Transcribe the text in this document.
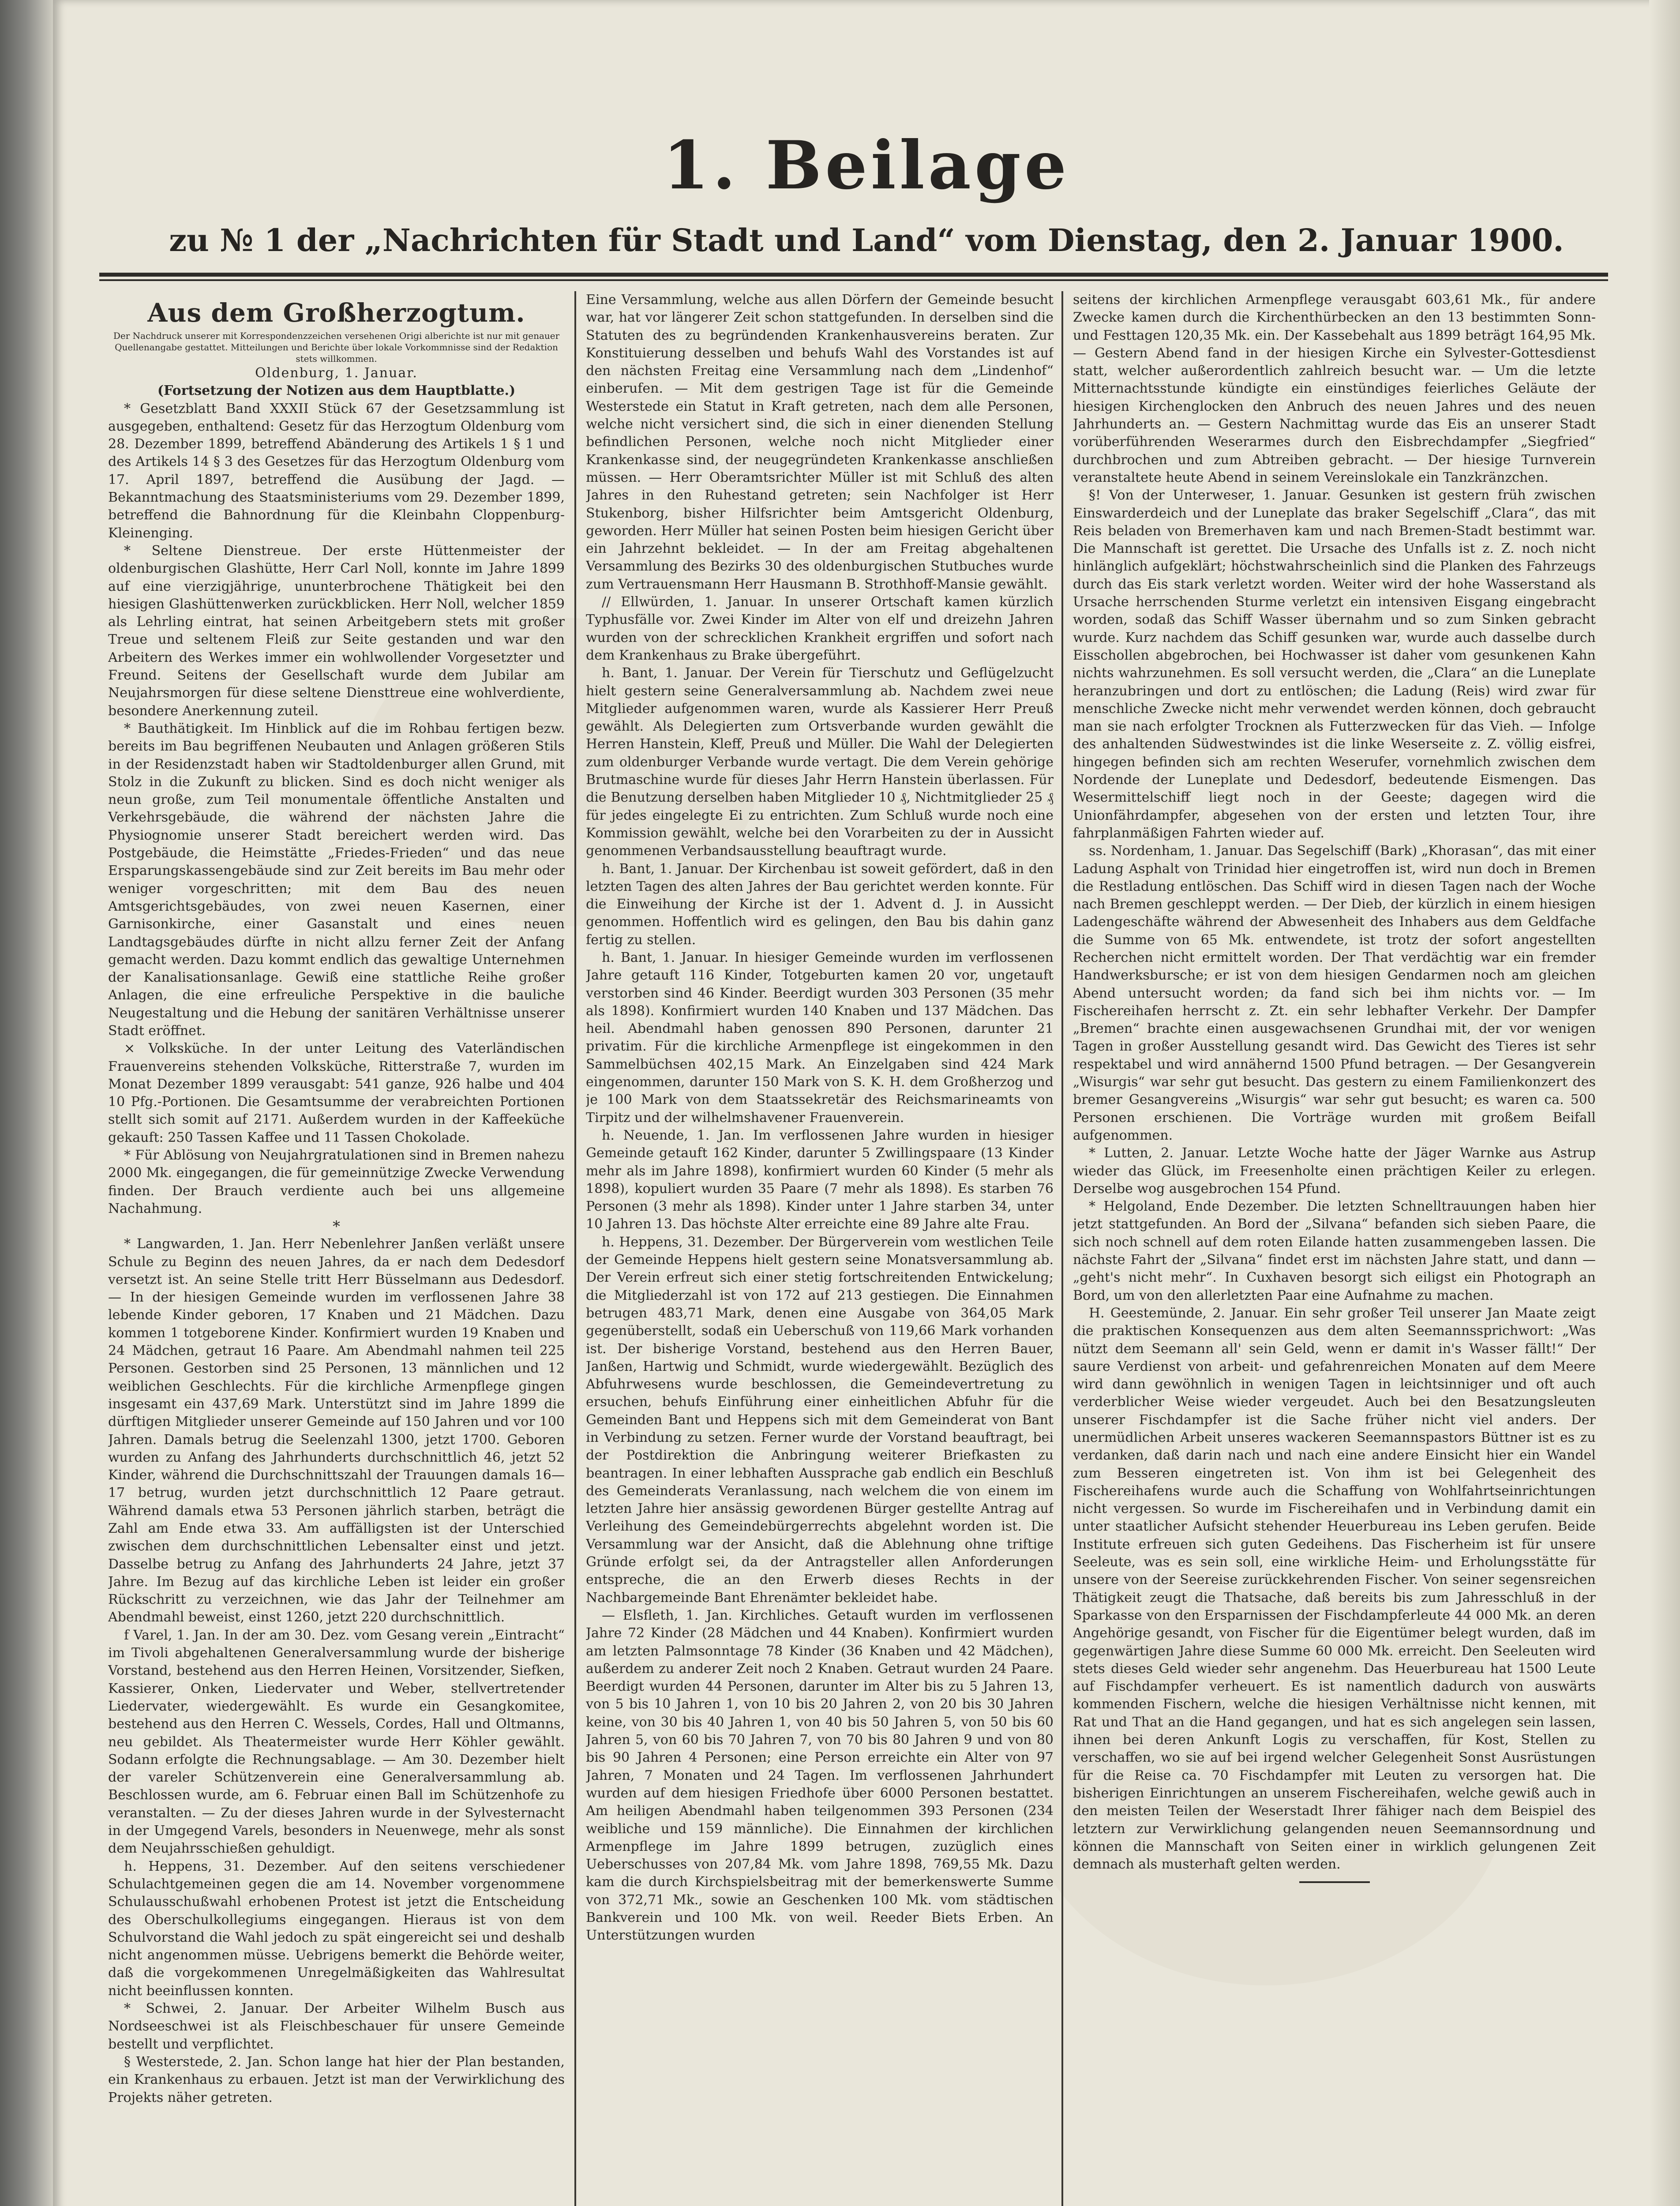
1. Beilage
zu № 1 der „Nachrichten für Stadt und Land“ vom Dienstag, den 2. Januar 1900.
Aus dem Großherzogtum.
Der Nachdruck unserer mit Korrespondenzzeichen versehenen Origi alberichte ist nur mit genauer Quellenangabe gestattet. Mitteilungen und Berichte über lokale Vorkommnisse sind der Redaktion stets willkommen.
Oldenburg, 1. Januar.
(Fortsetzung der Notizen aus dem Hauptblatte.)

* Gesetzblatt Band XXXII Stück 67 der Gesetzsammlung ist ausgegeben, enthaltend: Gesetz für das Herzogtum Oldenburg vom 28. Dezember 1899, betreffend Abänderung des Artikels 1 § 1 und des Artikels 14 § 3 des Gesetzes für das Herzogtum Oldenburg vom 17. April 1897, betreffend die Ausübung der Jagd. — Bekanntmachung des Staatsministeriums vom 29. Dezember 1899, betreffend die Bahnordnung für die Kleinbahn Cloppenburg-Kleinenging.

* Seltene Dienstreue. Der erste Hüttenmeister der oldenburgischen Glashütte, Herr Carl Noll, konnte im Jahre 1899 auf eine vierzigjährige, ununterbrochene Thätigkeit bei den hiesigen Glashüttenwerken zurückblicken. Herr Noll, welcher 1859 als Lehrling eintrat, hat seinen Arbeitgebern stets mit großer Treue und seltenem Fleiß zur Seite gestanden und war den Arbeitern des Werkes immer ein wohlwollender Vorgesetzter und Freund. Seitens der Gesellschaft wurde dem Jubilar am Neujahrsmorgen für diese seltene Diensttreue eine wohlverdiente, besondere Anerkennung zuteil.

* Bauthätigkeit. Im Hinblick auf die im Rohbau fertigen bezw. bereits im Bau begriffenen Neubauten und Anlagen größeren Stils in der Residenzstadt haben wir Stadtoldenburger allen Grund, mit Stolz in die Zukunft zu blicken. Sind es doch nicht weniger als neun große, zum Teil monumentale öffentliche Anstalten und Verkehrsgebäude, die während der nächsten Jahre die Physiognomie unserer Stadt bereichert werden wird. Das Postgebäude, die Heimstätte „Friedes-Frieden“ und das neue Ersparungskassengebäude sind zur Zeit bereits im Bau mehr oder weniger vorgeschritten; mit dem Bau des neuen Amtsgerichtsgebäudes, von zwei neuen Kasernen, einer Garnisonkirche, einer Gasanstalt und eines neuen Landtagsgebäudes dürfte in nicht allzu ferner Zeit der Anfang gemacht werden. Dazu kommt endlich das gewaltige Unternehmen der Kanalisationsanlage. Gewiß eine stattliche Reihe großer Anlagen, die eine erfreuliche Perspektive in die bauliche Neugestaltung und die Hebung der sanitären Verhältnisse unserer Stadt eröffnet.

× Volksküche. In der unter Leitung des Vaterländischen Frauenvereins stehenden Volksküche, Ritterstraße 7, wurden im Monat Dezember 1899 verausgabt: 541 ganze, 926 halbe und 404 10 Pfg.-Portionen. Die Gesamtsumme der verabreichten Portionen stellt sich somit auf 2171. Außerdem wurden in der Kaffeeküche gekauft: 250 Tassen Kaffee und 11 Tassen Chokolade.

* Für Ablösung von Neujahrgratulationen sind in Bremen nahezu 2000 Mk. eingegangen, die für gemeinnützige Zwecke Verwendung finden. Der Brauch verdiente auch bei uns allgemeine Nachahmung.

*

* Langwarden, 1. Jan. Herr Nebenlehrer Janßen verläßt unsere Schule zu Beginn des neuen Jahres, da er nach dem Dedesdorf versetzt ist. An seine Stelle tritt Herr Büsselmann aus Dedesdorf. — In der hiesigen Gemeinde wurden im verflossenen Jahre 38 lebende Kinder geboren, 17 Knaben und 21 Mädchen. Dazu kommen 1 totgeborene Kinder. Konfirmiert wurden 19 Knaben und 24 Mädchen, getraut 16 Paare. Am Abendmahl nahmen teil 225 Personen. Gestorben sind 25 Personen, 13 männlichen und 12 weiblichen Geschlechts. Für die kirchliche Armenpflege gingen insgesamt ein 437,69 Mark. Unterstützt sind im Jahre 1899 die dürftigen Mitglieder unserer Gemeinde auf 150 Jahren und vor 100 Jahren. Damals betrug die Seelenzahl 1300, jetzt 1700. Geboren wurden zu Anfang des Jahrhunderts durchschnittlich 46, jetzt 52 Kinder, während die Durchschnittszahl der Trauungen damals 16—17 betrug, wurden jetzt durchschnittlich 12 Paare getraut. Während damals etwa 53 Personen jährlich starben, beträgt die Zahl am Ende etwa 33. Am auffälligsten ist der Unterschied zwischen dem durchschnittlichen Lebensalter einst und jetzt. Dasselbe betrug zu Anfang des Jahrhunderts 24 Jahre, jetzt 37 Jahre. Im Bezug auf das kirchliche Leben ist leider ein großer Rückschritt zu verzeichnen, wie das Jahr der Teilnehmer am Abendmahl beweist, einst 1260, jetzt 220 durchschnittlich.

f Varel, 1. Jan. In der am 30. Dez. vom Gesang verein „Eintracht“ im Tivoli abgehaltenen Generalversammlung wurde der bisherige Vorstand, bestehend aus den Herren Heinen, Vorsitzender, Siefken, Kassierer, Onken, Liedervater und Weber, stellvertretender Liedervater, wiedergewählt. Es wurde ein Gesangkomitee, bestehend aus den Herren C. Wessels, Cordes, Hall und Oltmanns, neu gebildet. Als Theatermeister wurde Herr Köhler gewählt. Sodann erfolgte die Rechnungsablage. — Am 30. Dezember hielt der vareler Schützenverein eine Generalversammlung ab. Beschlossen wurde, am 6. Februar einen Ball im Schützenhofe zu veranstalten. — Zu der dieses Jahren wurde in der Sylvesternacht in der Umgegend Varels, besonders in Neuenwege, mehr als sonst dem Neujahrsschießen gehuldigt.

h. Heppens, 31. Dezember. Auf den seitens verschiedener Schulachtgemeinen gegen die am 14. November vorgenommene Schulausschußwahl erhobenen Protest ist jetzt die Entscheidung des Oberschulkollegiums eingegangen. Hieraus ist von dem Schulvorstand die Wahl jedoch zu spät eingereicht sei und deshalb nicht angenommen müsse. Uebrigens bemerkt die Behörde weiter, daß die vorgekommenen Unregelmäßigkeiten das Wahlresultat nicht beeinflussen konnten.

* Schwei, 2. Januar. Der Arbeiter Wilhelm Busch aus Nordseeschwei ist als Fleischbeschauer für unsere Gemeinde bestellt und verpflichtet.

§ Westerstede, 2. Jan. Schon lange hat hier der Plan bestanden, ein Krankenhaus zu erbauen. Jetzt ist man der Verwirklichung des Projekts näher getreten.

Eine Versammlung, welche aus allen Dörfern der Gemeinde besucht war, hat vor längerer Zeit schon stattgefunden. In derselben sind die Statuten des zu begründenden Krankenhausvereins beraten. Zur Konstituierung desselben und behufs Wahl des Vorstandes ist auf den nächsten Freitag eine Versammlung nach dem „Lindenhof“ einberufen. — Mit dem gestrigen Tage ist für die Gemeinde Westerstede ein Statut in Kraft getreten, nach dem alle Personen, welche nicht versichert sind, die sich in einer dienenden Stellung befindlichen Personen, welche noch nicht Mitglieder einer Krankenkasse sind, der neugegründeten Krankenkasse anschließen müssen. — Herr Oberamtsrichter Müller ist mit Schluß des alten Jahres in den Ruhestand getreten; sein Nachfolger ist Herr Stukenborg, bisher Hilfsrichter beim Amtsgericht Oldenburg, geworden. Herr Müller hat seinen Posten beim hiesigen Gericht über ein Jahrzehnt bekleidet. — In der am Freitag abgehaltenen Versammlung des Bezirks 30 des oldenburgischen Stutbuches wurde zum Vertrauensmann Herr Hausmann B. Strothhoff-Mansie gewählt.

// Ellwürden, 1. Januar. In unserer Ortschaft kamen kürzlich Typhusfälle vor. Zwei Kinder im Alter von elf und dreizehn Jahren wurden von der schrecklichen Krankheit ergriffen und sofort nach dem Krankenhaus zu Brake übergeführt.

h. Bant, 1. Januar. Der Verein für Tierschutz und Geflügelzucht hielt gestern seine Generalversammlung ab. Nachdem zwei neue Mitglieder aufgenommen waren, wurde als Kassierer Herr Preuß gewählt. Als Delegierten zum Ortsverbande wurden gewählt die Herren Hanstein, Kleff, Preuß und Müller. Die Wahl der Delegierten zum oldenburger Verbande wurde vertagt. Die dem Verein gehörige Brutmaschine wurde für dieses Jahr Herrn Hanstein überlassen. Für die Benutzung derselben haben Mitglieder 10 ₰, Nichtmitglieder 25 ₰ für jedes eingelegte Ei zu entrichten. Zum Schluß wurde noch eine Kommission gewählt, welche bei den Vorarbeiten zu der in Aussicht genommenen Verbandsausstellung beauftragt wurde.

h. Bant, 1. Januar. Der Kirchenbau ist soweit gefördert, daß in den letzten Tagen des alten Jahres der Bau gerichtet werden konnte. Für die Einweihung der Kirche ist der 1. Advent d. J. in Aussicht genommen. Hoffentlich wird es gelingen, den Bau bis dahin ganz fertig zu stellen.

h. Bant, 1. Januar. In hiesiger Gemeinde wurden im verflossenen Jahre getauft 116 Kinder, Totgeburten kamen 20 vor, ungetauft verstorben sind 46 Kinder. Beerdigt wurden 303 Personen (35 mehr als 1898). Konfirmiert wurden 140 Knaben und 137 Mädchen. Das heil. Abendmahl haben genossen 890 Personen, darunter 21 privatim. Für die kirchliche Armenpflege ist eingekommen in den Sammelbüchsen 402,15 Mark. An Einzelgaben sind 424 Mark eingenommen, darunter 150 Mark von S. K. H. dem Großherzog und je 100 Mark von dem Staatssekretär des Reichsmarineamts von Tirpitz und der wilhelmshavener Frauenverein.

h. Neuende, 1. Jan. Im verflossenen Jahre wurden in hiesiger Gemeinde getauft 162 Kinder, darunter 5 Zwillingspaare (13 Kinder mehr als im Jahre 1898), konfirmiert wurden 60 Kinder (5 mehr als 1898), kopuliert wurden 35 Paare (7 mehr als 1898). Es starben 76 Personen (3 mehr als 1898). Kinder unter 1 Jahre starben 34, unter 10 Jahren 13. Das höchste Alter erreichte eine 89 Jahre alte Frau.

h. Heppens, 31. Dezember. Der Bürgerverein vom westlichen Teile der Gemeinde Heppens hielt gestern seine Monatsversammlung ab. Der Verein erfreut sich einer stetig fortschreitenden Entwickelung; die Mitgliederzahl ist von 172 auf 213 gestiegen. Die Einnahmen betrugen 483,71 Mark, denen eine Ausgabe von 364,05 Mark gegenüberstellt, sodaß ein Ueberschuß von 119,66 Mark vorhanden ist. Der bisherige Vorstand, bestehend aus den Herren Bauer, Janßen, Hartwig und Schmidt, wurde wiedergewählt. Bezüglich des Abfuhrwesens wurde beschlossen, die Gemeindevertretung zu ersuchen, behufs Einführung einer einheitlichen Abfuhr für die Gemeinden Bant und Heppens sich mit dem Gemeinderat von Bant in Verbindung zu setzen. Ferner wurde der Vorstand beauftragt, bei der Postdirektion die Anbringung weiterer Briefkasten zu beantragen. In einer lebhaften Aussprache gab endlich ein Beschluß des Gemeinderats Veranlassung, nach welchem die von einem im letzten Jahre hier ansässig gewordenen Bürger gestellte Antrag auf Verleihung des Gemeindebürgerrechts abgelehnt worden ist. Die Versammlung war der Ansicht, daß die Ablehnung ohne triftige Gründe erfolgt sei, da der Antragsteller allen Anforderungen entspreche, die an den Erwerb dieses Rechts in der Nachbargemeinde Bant Ehrenämter bekleidet habe.

— Elsfleth, 1. Jan. Kirchliches. Getauft wurden im verflossenen Jahre 72 Kinder (28 Mädchen und 44 Knaben). Konfirmiert wurden am letzten Palmsonntage 78 Kinder (36 Knaben und 42 Mädchen), außerdem zu anderer Zeit noch 2 Knaben. Getraut wurden 24 Paare. Beerdigt wurden 44 Personen, darunter im Alter bis zu 5 Jahren 13, von 5 bis 10 Jahren 1, von 10 bis 20 Jahren 2, von 20 bis 30 Jahren keine, von 30 bis 40 Jahren 1, von 40 bis 50 Jahren 5, von 50 bis 60 Jahren 5, von 60 bis 70 Jahren 7, von 70 bis 80 Jahren 9 und von 80 bis 90 Jahren 4 Personen; eine Person erreichte ein Alter von 97 Jahren, 7 Monaten und 24 Tagen. Im verflossenen Jahrhundert wurden auf dem hiesigen Friedhofe über 6000 Personen bestattet. Am heiligen Abendmahl haben teilgenommen 393 Personen (234 weibliche und 159 männliche). Die Einnahmen der kirchlichen Armenpflege im Jahre 1899 betrugen, zuzüglich eines Ueberschusses von 207,84 Mk. vom Jahre 1898, 769,55 Mk. Dazu kam die durch Kirchspielsbeitrag mit der bemerkenswerte Summe von 372,71 Mk., sowie an Geschenken 100 Mk. vom städtischen Bankverein und 100 Mk. von weil. Reeder Biets Erben. An Unterstützungen wurden

seitens der kirchlichen Armenpflege verausgabt 603,61 Mk., für andere Zwecke kamen durch die Kirchenthürbecken an den 13 bestimmten Sonn- und Festtagen 120,35 Mk. ein. Der Kassebehalt aus 1899 beträgt 164,95 Mk. — Gestern Abend fand in der hiesigen Kirche ein Sylvester-Gottesdienst statt, welcher außerordentlich zahlreich besucht war. — Um die letzte Mitternachtsstunde kündigte ein einstündiges feierliches Geläute der hiesigen Kirchenglocken den Anbruch des neuen Jahres und des neuen Jahrhunderts an. — Gestern Nachmittag wurde das Eis an unserer Stadt vorüberführenden Weserarmes durch den Eisbrechdampfer „Siegfried“ durchbrochen und zum Abtreiben gebracht. — Der hiesige Turnverein veranstaltete heute Abend in seinem Vereinslokale ein Tanzkränzchen.

§! Von der Unterweser, 1. Januar. Gesunken ist gestern früh zwischen Einswarderdeich und der Luneplate das braker Segelschiff „Clara“, das mit Reis beladen von Bremerhaven kam und nach Bremen-Stadt bestimmt war. Die Mannschaft ist gerettet. Die Ursache des Unfalls ist z. Z. noch nicht hinlänglich aufgeklärt; höchstwahrscheinlich sind die Planken des Fahrzeugs durch das Eis stark verletzt worden. Weiter wird der hohe Wasserstand als Ursache herrschenden Sturme verletzt ein intensiven Eisgang eingebracht worden, sodaß das Schiff Wasser übernahm und so zum Sinken gebracht wurde. Kurz nachdem das Schiff gesunken war, wurde auch dasselbe durch Eisschollen abgebrochen, bei Hochwasser ist daher vom gesunkenen Kahn nichts wahrzunehmen. Es soll versucht werden, die „Clara“ an die Luneplate heranzubringen und dort zu entlöschen; die Ladung (Reis) wird zwar für menschliche Zwecke nicht mehr verwendet werden können, doch gebraucht man sie nach erfolgter Trocknen als Futterzwecken für das Vieh. — Infolge des anhaltenden Südwestwindes ist die linke Weserseite z. Z. völlig eisfrei, hingegen befinden sich am rechten Weserufer, vornehmlich zwischen dem Nordende der Luneplate und Dedesdorf, bedeutende Eismengen. Das Wesermittelschiff liegt noch in der Geeste; dagegen wird die Unionfährdampfer, abgesehen von der ersten und letzten Tour, ihre fahrplanmäßigen Fahrten wieder auf.

ss. Nordenham, 1. Januar. Das Segelschiff (Bark) „Khorasan“, das mit einer Ladung Asphalt von Trinidad hier eingetroffen ist, wird nun doch in Bremen die Restladung entlöschen. Das Schiff wird in diesen Tagen nach der Woche nach Bremen geschleppt werden. — Der Dieb, der kürzlich in einem hiesigen Ladengeschäfte während der Abwesenheit des Inhabers aus dem Geldfache die Summe von 65 Mk. entwendete, ist trotz der sofort angestellten Recherchen nicht ermittelt worden. Der That verdächtig war ein fremder Handwerksbursche; er ist von dem hiesigen Gendarmen noch am gleichen Abend untersucht worden; da fand sich bei ihm nichts vor. — Im Fischereihafen herrscht z. Zt. ein sehr lebhafter Verkehr. Der Dampfer „Bremen“ brachte einen ausgewachsenen Grundhai mit, der vor wenigen Tagen in großer Ausstellung gesandt wird. Das Gewicht des Tieres ist sehr respektabel und wird annähernd 1500 Pfund betragen. — Der Gesangverein „Wisurgis“ war sehr gut besucht. Das gestern zu einem Familienkonzert des bremer Gesangvereins „Wisurgis“ war sehr gut besucht; es waren ca. 500 Personen erschienen. Die Vorträge wurden mit großem Beifall aufgenommen.

* Lutten, 2. Januar. Letzte Woche hatte der Jäger Warnke aus Astrup wieder das Glück, im Freesenholte einen prächtigen Keiler zu erlegen. Derselbe wog ausgebrochen 154 Pfund.

* Helgoland, Ende Dezember. Die letzten Schnelltrauungen haben hier jetzt stattgefunden. An Bord der „Silvana“ befanden sich sieben Paare, die sich noch schnell auf dem roten Eilande hatten zusammengeben lassen. Die nächste Fahrt der „Silvana“ findet erst im nächsten Jahre statt, und dann — „geht's nicht mehr“. In Cuxhaven besorgt sich eiligst ein Photograph an Bord, um von den allerletzten Paar eine Aufnahme zu machen.

H. Geestemünde, 2. Januar. Ein sehr großer Teil unserer Jan Maate zeigt die praktischen Konsequenzen aus dem alten Seemannssprichwort: „Was nützt dem Seemann all' sein Geld, wenn er damit in's Wasser fällt!“ Der saure Verdienst von arbeit- und gefahrenreichen Monaten auf dem Meere wird dann gewöhnlich in wenigen Tagen in leichtsinniger und oft auch verderblicher Weise wieder vergeudet. Auch bei den Besatzungsleuten unserer Fischdampfer ist die Sache früher nicht viel anders. Der unermüdlichen Arbeit unseres wackeren Seemannspastors Büttner ist es zu verdanken, daß darin nach und nach eine andere Einsicht hier ein Wandel zum Besseren eingetreten ist. Von ihm ist bei Gelegenheit des Fischereihafens wurde auch die Schaffung von Wohlfahrtseinrichtungen nicht vergessen. So wurde im Fischereihafen und in Verbindung damit ein unter staatlicher Aufsicht stehender Heuerbureau ins Leben gerufen. Beide Institute erfreuen sich guten Gedeihens. Das Fischerheim ist für unsere Seeleute, was es sein soll, eine wirkliche Heim- und Erholungsstätte für unsere von der Seereise zurückkehrenden Fischer. Von seiner segensreichen Thätigkeit zeugt die Thatsache, daß bereits bis zum Jahresschluß in der Sparkasse von den Ersparnissen der Fischdampferleute 44 000 Mk. an deren Angehörige gesandt, von Fischer für die Eigentümer belegt wurden, daß im gegenwärtigen Jahre diese Summe 60 000 Mk. erreicht. Den Seeleuten wird stets dieses Geld wieder sehr angenehm. Das Heuerbureau hat 1500 Leute auf Fischdampfer verheuert. Es ist namentlich dadurch von auswärts kommenden Fischern, welche die hiesigen Verhältnisse nicht kennen, mit Rat und That an die Hand gegangen, und hat es sich angelegen sein lassen, ihnen bei deren Ankunft Logis zu verschaffen, für Kost, Stellen zu verschaffen, wo sie auf bei irgend welcher Gelegenheit Sonst Ausrüstungen für die Reise ca. 70 Fischdampfer mit Leuten zu versorgen hat. Die bisherigen Einrichtungen an unserem Fischereihafen, welche gewiß auch in den meisten Teilen der Weserstadt Ihrer fähiger nach dem Beispiel des letztern zur Verwirklichung gelangenden neuen Seemannsordnung und können die Mannschaft von Seiten einer in wirklich gelungenen Zeit demnach als musterhaft gelten werden.
